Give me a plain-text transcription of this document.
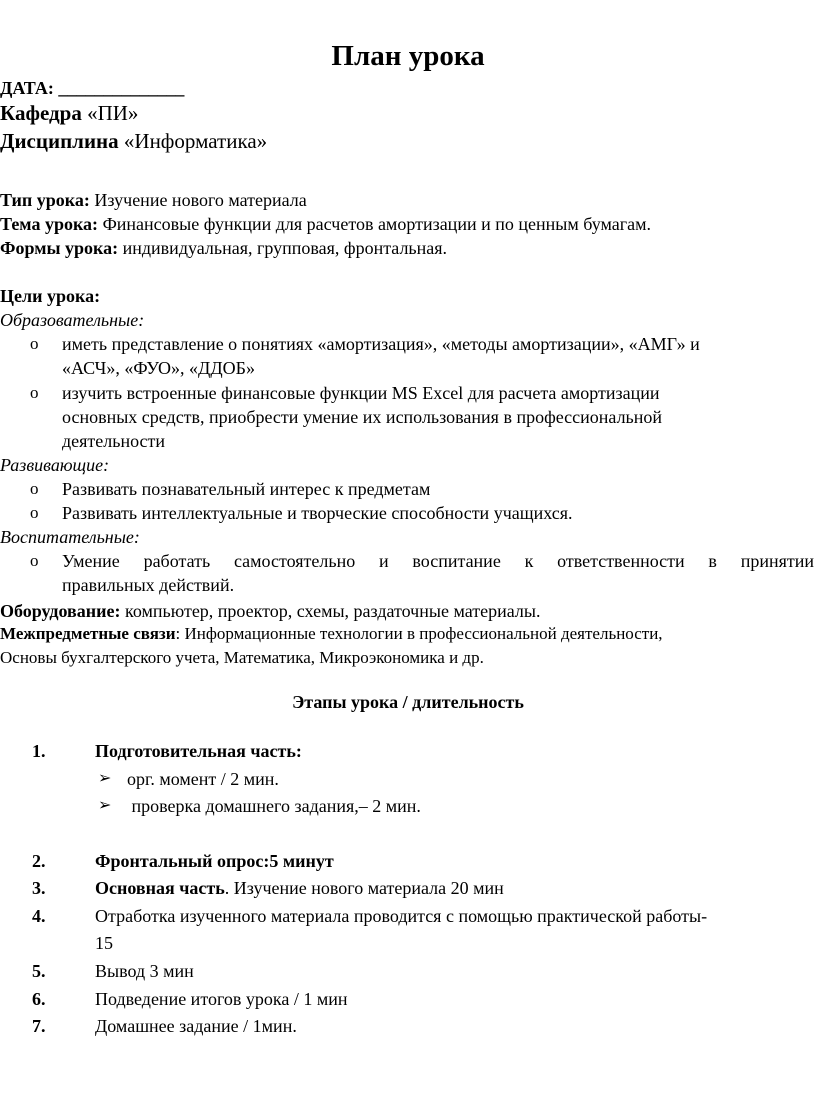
План урока
ДАТА: ______________
Кафедра «ПИ»
Дисциплина «Информатика»
Тип урока: Изучение нового материала
Тема урока: Финансовые функции для расчетов амортизации и по ценным бумагам.
Формы урока: индивидуальная, групповая, фронтальная.
Цели урока:
Образовательные:
o иметь представление о понятиях «амортизация», «методы амортизации», «АМГ» и
«АСЧ», «ФУО», «ДДОБ»
o изучить встроенные финансовые функции MS Excel для расчета амортизации
основных средств, приобрести умение их использования в профессиональной
деятельности
Развивающие:
o Развивать познавательный интерес к предметам
o Развивать интеллектуальные и творческие способности учащихся.
Воспитательные:
o Умение работать самостоятельно и воспитание к ответственности в принятии
правильных действий.
Оборудование: компьютер, проектор, схемы, раздаточные материалы.
Межпредметные связи: Информационные технологии в профессиональной деятельности,
Основы бухгалтерского учета, Математика, Микроэкономика и др.
Этапы урока / длительность
1.	Подготовительная часть:
➢ орг. момент / 2 мин.
➢ проверка домашнего задания,– 2 мин.
2.	Фронтальный опрос:5 минут
3.	Основная часть. Изучение нового материала 20 мин
4.	Отработка изученного материала проводится с помощью практической работы-
15
5.	Вывод 3 мин
6.	Подведение итогов урока / 1 мин
7.	Домашнее задание / 1мин.
